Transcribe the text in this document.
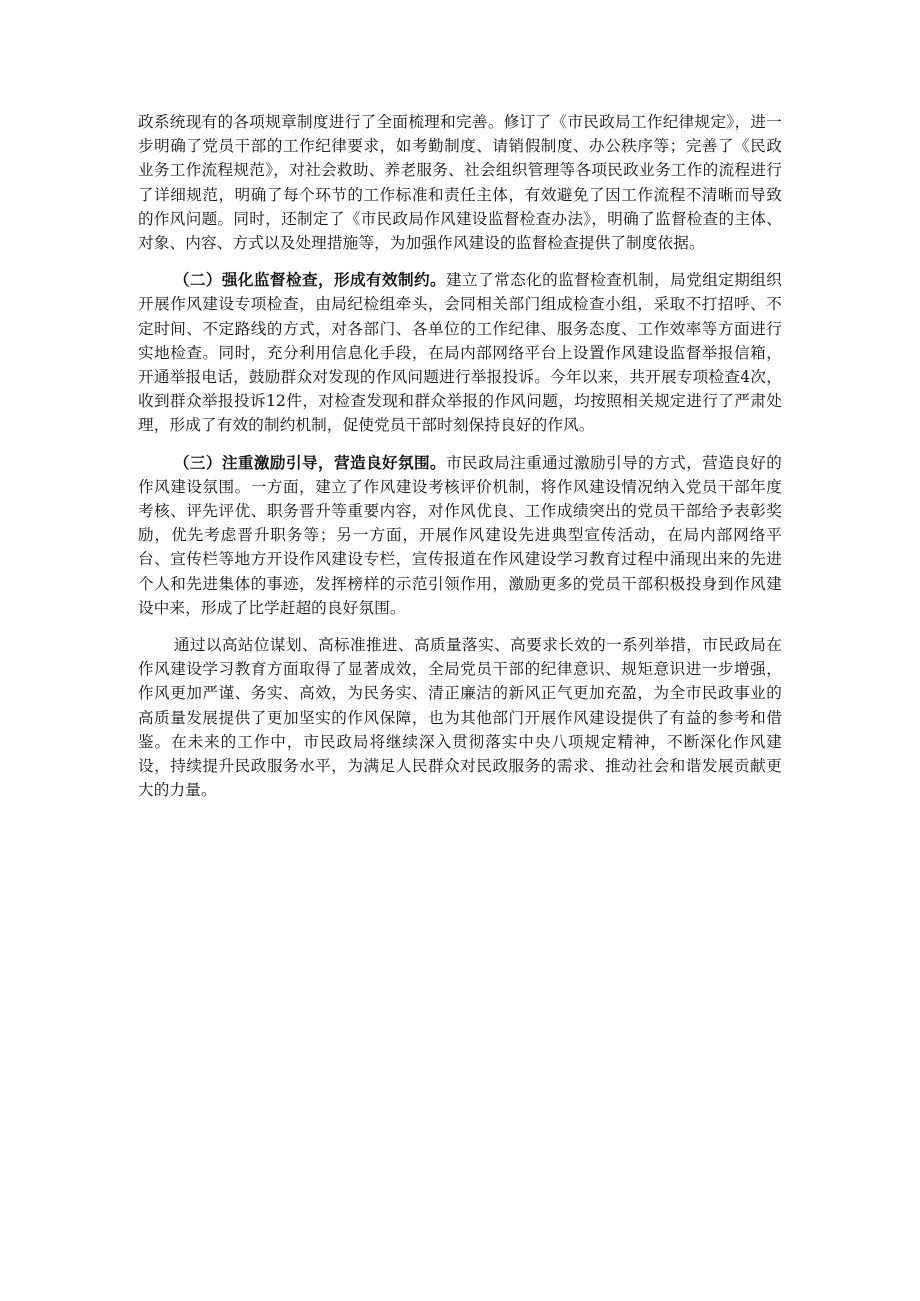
政系统现有的各项规章制度进行了全面梳理和完善。修订了《市民政局工作纪律规定》，进一步明确了党员干部的工作纪律要求，如考勤制度、请销假制度、办公秩序等；完善了《民政业务工作流程规范》，对社会救助、养老服务、社会组织管理等各项民政业务工作的流程进行了详细规范，明确了每个环节的工作标准和责任主体，有效避免了因工作流程不清晰而导致的作风问题。同时，还制定了《市民政局作风建设监督检查办法》，明确了监督检查的主体、对象、内容、方式以及处理措施等，为加强作风建设的监督检查提供了制度依据。

（二）强化监督检查，形成有效制约。建立了常态化的监督检查机制，局党组定期组织开展作风建设专项检查，由局纪检组牵头，会同相关部门组成检查小组，采取不打招呼、不定时间、不定路线的方式，对各部门、各单位的工作纪律、服务态度、工作效率等方面进行实地检查。同时，充分利用信息化手段，在局内部网络平台上设置作风建设监督举报信箱，开通举报电话，鼓励群众对发现的作风问题进行举报投诉。今年以来，共开展专项检查4次，收到群众举报投诉12件，对检查发现和群众举报的作风问题，均按照相关规定进行了严肃处理，形成了有效的制约机制，促使党员干部时刻保持良好的作风。

（三）注重激励引导，营造良好氛围。市民政局注重通过激励引导的方式，营造良好的作风建设氛围。一方面，建立了作风建设考核评价机制，将作风建设情况纳入党员干部年度考核、评先评优、职务晋升等重要内容，对作风优良、工作成绩突出的党员干部给予表彰奖励，优先考虑晋升职务等；另一方面，开展作风建设先进典型宣传活动，在局内部网络平台、宣传栏等地方开设作风建设专栏，宣传报道在作风建设学习教育过程中涌现出来的先进个人和先进集体的事迹，发挥榜样的示范引领作用，激励更多的党员干部积极投身到作风建设中来，形成了比学赶超的良好氛围。

通过以高站位谋划、高标准推进、高质量落实、高要求长效的一系列举措，市民政局在作风建设学习教育方面取得了显著成效，全局党员干部的纪律意识、规矩意识进一步增强，作风更加严谨、务实、高效，为民务实、清正廉洁的新风正气更加充盈，为全市民政事业的高质量发展提供了更加坚实的作风保障，也为其他部门开展作风建设提供了有益的参考和借鉴。在未来的工作中，市民政局将继续深入贯彻落实中央八项规定精神，不断深化作风建设，持续提升民政服务水平，为满足人民群众对民政服务的需求、推动社会和谐发展贡献更大的力量。
